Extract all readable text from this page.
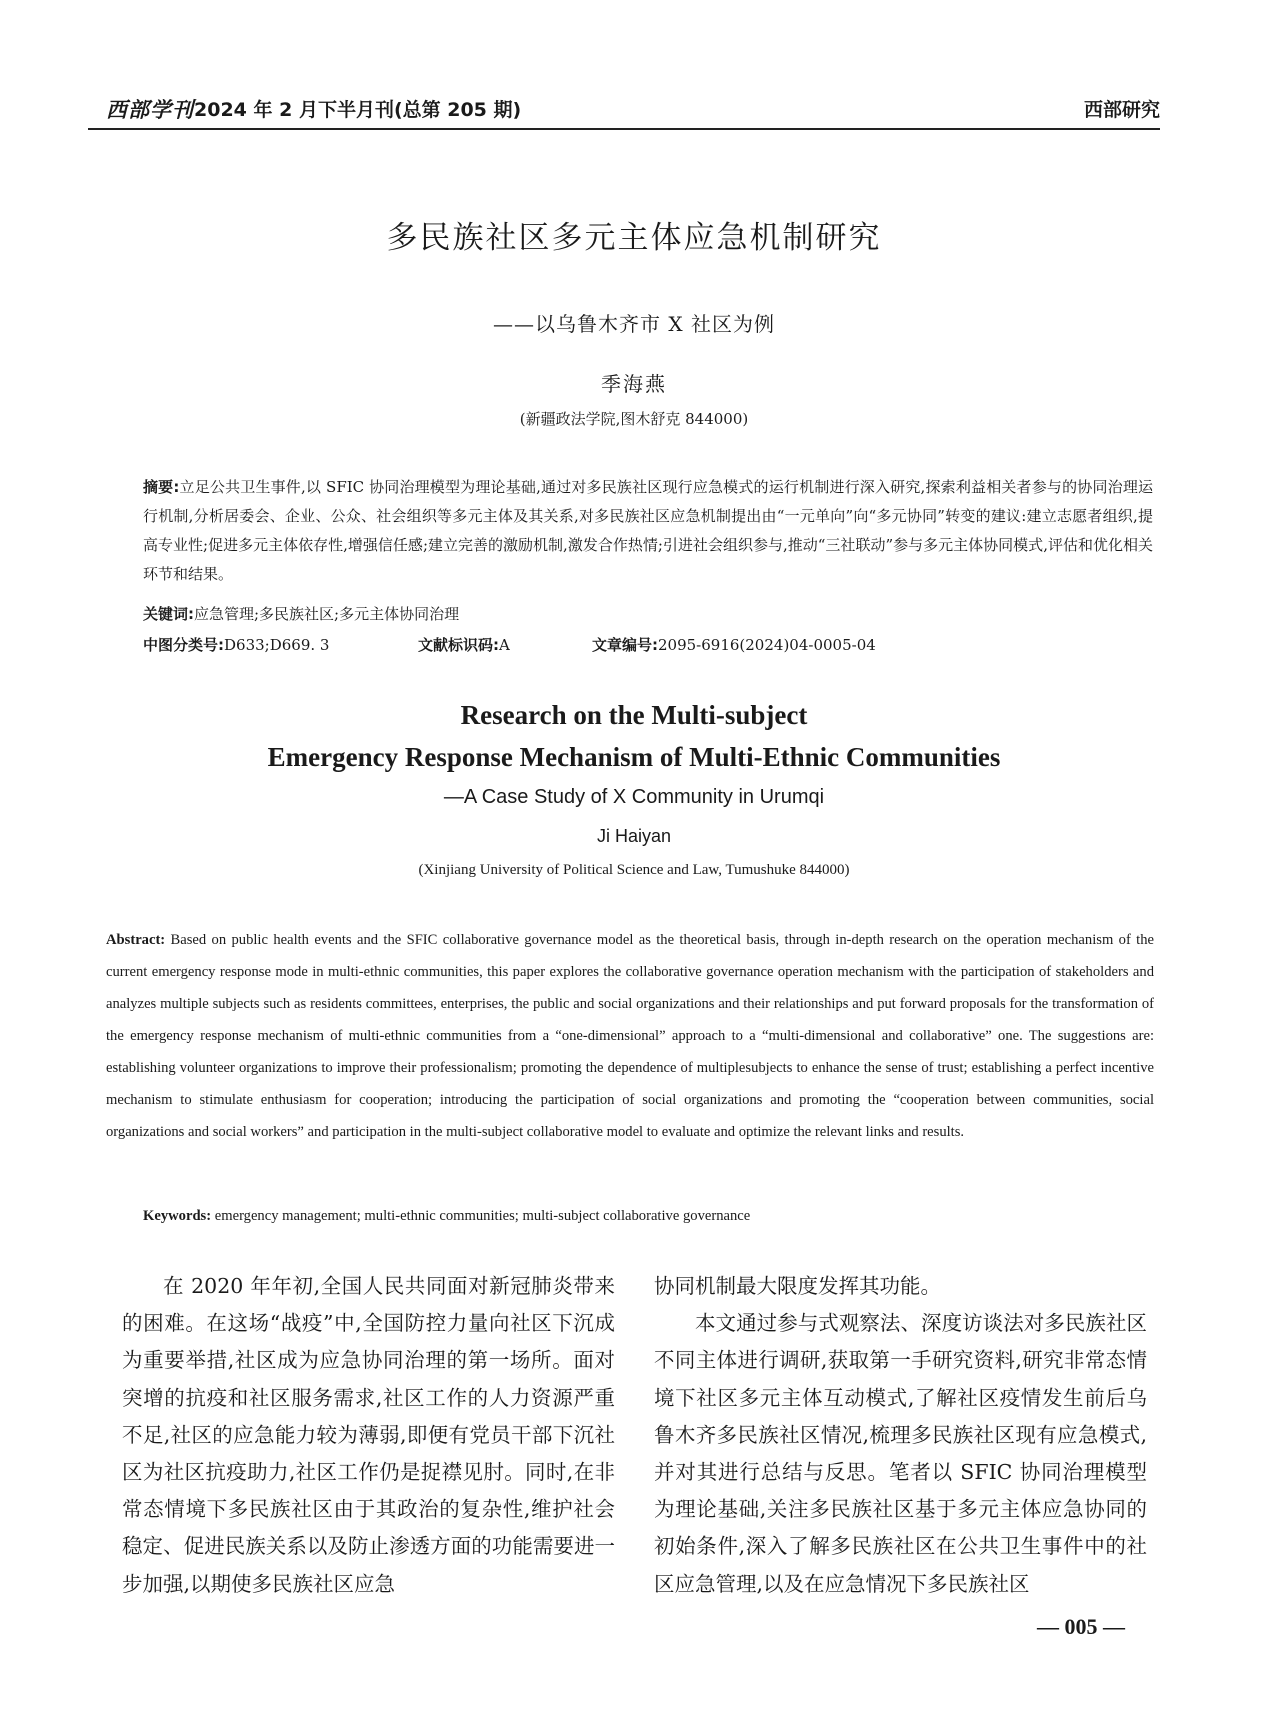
西部学刊 2024 年 2 月下半月刊(总第 205 期)	西部研究
多民族社区多元主体应急机制研究
——以乌鲁木齐市 X 社区为例
季海燕
(新疆政法学院,图木舒克 844000)
摘要:立足公共卫生事件,以 SFIC 协同治理模型为理论基础,通过对多民族社区现行应急模式的运行机制进行深入研究,探索利益相关者参与的协同治理运行机制,分析居委会、企业、公众、社会组织等多元主体及其关系,对多民族社区应急机制提出由“一元单向”向“多元协同”转变的建议:建立志愿者组织,提高专业性;促进多元主体依存性,增强信任感;建立完善的激励机制,激发合作热情;引进社会组织参与,推动“三社联动”参与多元主体协同模式,评估和优化相关环节和结果。
关键词:应急管理;多民族社区;多元主体协同治理
中图分类号:D633;D669. 3	文献标识码:A	文章编号:2095-6916(2024)04-0005-04
Research on the Multi-subject
Emergency Response Mechanism of Multi-Ethnic Communities
—A Case Study of X Community in Urumqi
Ji Haiyan
(Xinjiang University of Political Science and Law, Tumushuke 844000)
Abstract: Based on public health events and the SFIC collaborative governance model as the theoretical basis, through in-depth research on the operation mechanism of the current emergency response mode in multi-ethnic communities, this paper explores the collaborative governance operation mechanism with the participation of stakeholders and analyzes multiple subjects such as residents committees, enterprises, the public and social organizations and their relationships and put forward proposals for the transformation of the emergency response mechanism of multi-ethnic communities from a “one-dimensional” approach to a “multi-dimensional and collaborative” one. The suggestions are: establishing volunteer organizations to improve their professionalism; promoting the dependence of multiplesubjects to enhance the sense of trust; establishing a perfect incentive mechanism to stimulate enthusiasm for cooperation; introducing the participation of social organizations and promoting the “cooperation between communities, social organizations and social workers” and participation in the multi-subject collaborative model to evaluate and optimize the relevant links and results.
Keywords: emergency management; multi-ethnic communities; multi-subject collaborative governance

在 2020 年年初,全国人民共同面对新冠肺炎带来的困难。在这场“战疫”中,全国防控力量向社区下沉成为重要举措,社区成为应急协同治理的第一场所。面对突增的抗疫和社区服务需求,社区工作的人力资源严重不足,社区的应急能力较为薄弱,即便有党员干部下沉社区为社区抗疫助力,社区工作仍是捉襟见肘。同时,在非常态情境下多民族社区由于其政治的复杂性,维护社会稳定、促进民族关系以及防止渗透方面的功能需要进一步加强,以期使多民族社区应急

协同机制最大限度发挥其功能。

本文通过参与式观察法、深度访谈法对多民族社区不同主体进行调研,获取第一手研究资料,研究非常态情境下社区多元主体互动模式,了解社区疫情发生前后乌鲁木齐多民族社区情况,梳理多民族社区现有应急模式,并对其进行总结与反思。笔者以 SFIC 协同治理模型为理论基础,关注多民族社区基于多元主体应急协同的初始条件,深入了解多民族社区在公共卫生事件中的社区应急管理,以及在应急情况下多民族社区

— 005 —
